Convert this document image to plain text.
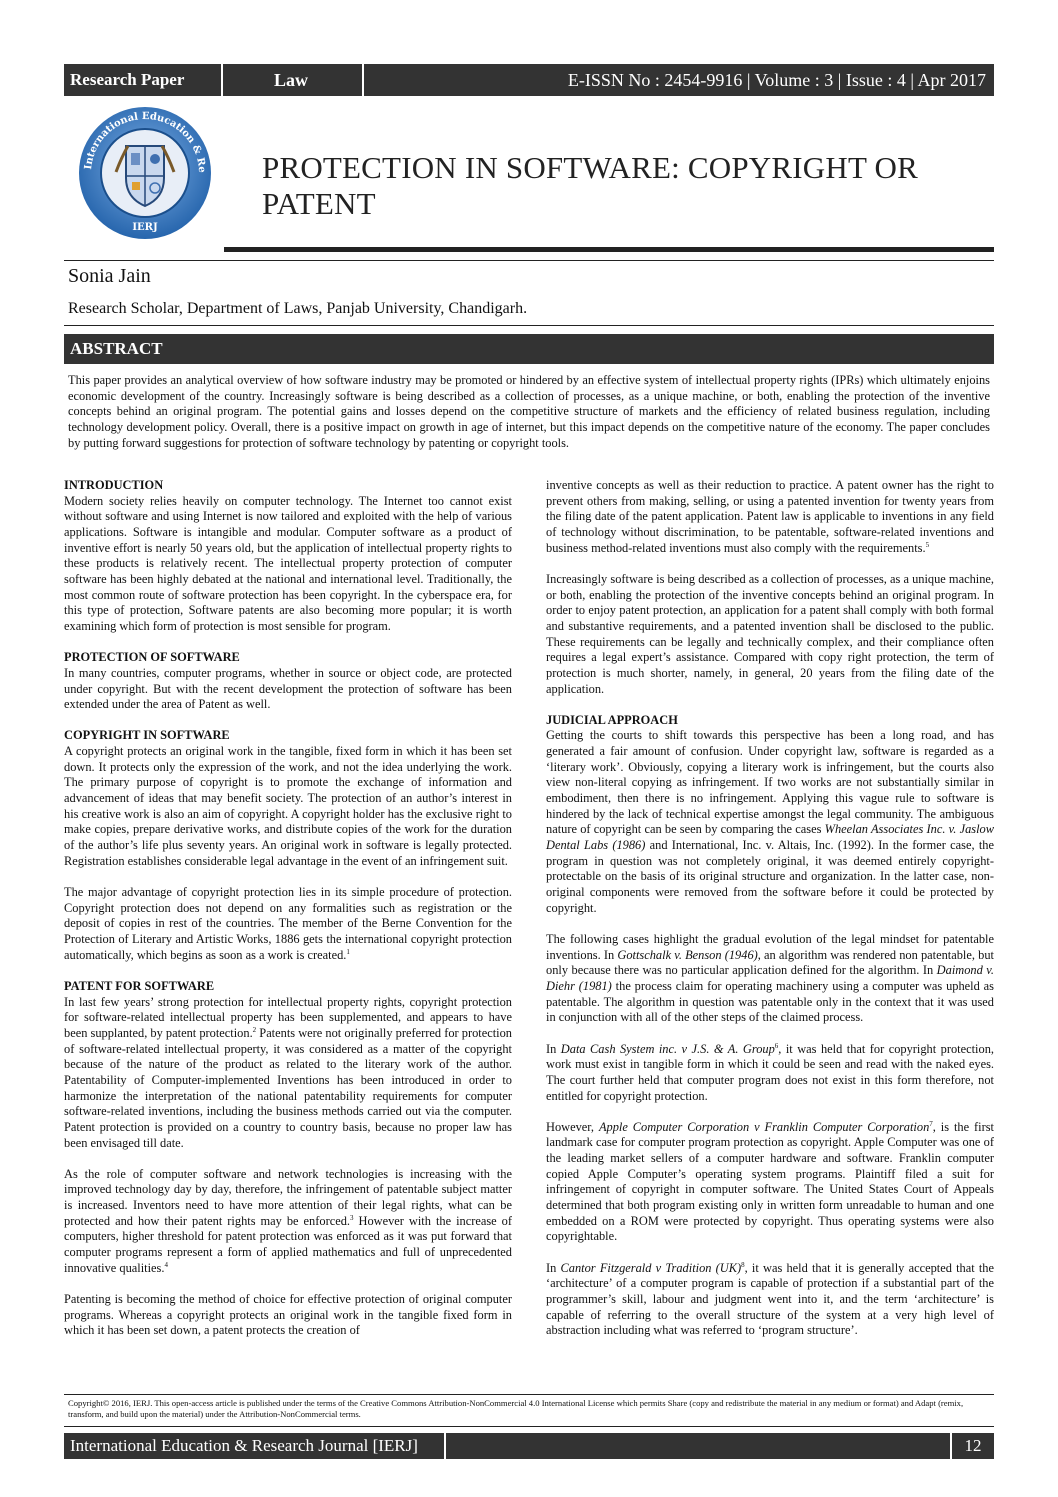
Research Paper	Law	E-ISSN No : 2454-9916 | Volume : 3 | Issue : 4 | Apr 2017
International Education & Re
IERJ
PROTECTION IN SOFTWARE: COPYRIGHT OR PATENT
Sonia Jain
Research Scholar, Department of Laws, Panjab University, Chandigarh.
ABSTRACT
This paper provides an analytical overview of how software industry may be promoted or hindered by an effective system of intellectual property rights (IPRs) which ultimately enjoins economic development of the country. Increasingly software is being described as a collection of processes, as a unique machine, or both, enabling the protection of the inventive concepts behind an original program. The potential gains and losses depend on the competitive structure of markets and the efficiency of related business regulation, including technology development policy. Overall, there is a positive impact on growth in age of internet, but this impact depends on the competitive nature of the economy. The paper concludes by putting forward suggestions for protection of software technology by patenting or copyright tools.
INTRODUCTION

Modern society relies heavily on computer technology. The Internet too cannot exist without software and using Internet is now tailored and exploited with the help of various applications. Software is intangible and modular. Computer software as a product of inventive effort is nearly 50 years old, but the application of intellectual property rights to these products is relatively recent. The intellectual property protection of computer software has been highly debated at the national and international level. Traditionally, the most common route of software protection has been copyright. In the cyberspace era, for this type of protection, Software patents are also becoming more popular; it is worth examining which form of protection is most sensible for program.

PROTECTION OF SOFTWARE

In many countries, computer programs, whether in source or object code, are protected under copyright. But with the recent development the protection of software has been extended under the area of Patent as well.

COPYRIGHT IN SOFTWARE

A copyright protects an original work in the tangible, fixed form in which it has been set down. It protects only the expression of the work, and not the idea underlying the work. The primary purpose of copyright is to promote the exchange of information and advancement of ideas that may benefit society. The protection of an author’s interest in his creative work is also an aim of copyright. A copyright holder has the exclusive right to make copies, prepare derivative works, and distribute copies of the work for the duration of the author’s life plus seventy years. An original work in software is legally protected. Registration establishes considerable legal advantage in the event of an infringement suit.

The major advantage of copyright protection lies in its simple procedure of protection. Copyright protection does not depend on any formalities such as registration or the deposit of copies in rest of the countries. The member of the Berne Convention for the Protection of Literary and Artistic Works, 1886 gets the international copyright protection automatically, which begins as soon as a work is created.$^1$

PATENT FOR SOFTWARE

In last few years’ strong protection for intellectual property rights, copyright protection for software-related intellectual property has been supplemented, and appears to have been supplanted, by patent protection.$^2$ Patents were not originally preferred for protection of software-related intellectual property, it was considered as a matter of the copyright because of the nature of the product as related to the literary work of the author. Patentability of Computer-implemented Inventions has been introduced in order to harmonize the interpretation of the national patentability requirements for computer software-related inventions, including the business methods carried out via the computer. Patent protection is provided on a country to country basis, because no proper law has been envisaged till date.

As the role of computer software and network technologies is increasing with the improved technology day by day, therefore, the infringement of patentable subject matter is increased. Inventors need to have more attention of their legal rights, what can be protected and how their patent rights may be enforced.$^3$ However with the increase of computers, higher threshold for patent protection was enforced as it was put forward that computer programs represent a form of applied mathematics and full of unprecedented innovative qualities.$^4$

Patenting is becoming the method of choice for effective protection of original computer programs. Whereas a copyright protects an original work in the tangible fixed form in which it has been set down, a patent protects the creation of

inventive concepts as well as their reduction to practice. A patent owner has the right to prevent others from making, selling, or using a patented invention for twenty years from the filing date of the patent application. Patent law is applicable to inventions in any field of technology without discrimination, to be patentable, software-related inventions and business method-related inventions must also comply with the requirements.$^5$

Increasingly software is being described as a collection of processes, as a unique machine, or both, enabling the protection of the inventive concepts behind an original program. In order to enjoy patent protection, an application for a patent shall comply with both formal and substantive requirements, and a patented invention shall be disclosed to the public. These requirements can be legally and technically complex, and their compliance often requires a legal expert’s assistance. Compared with copy right protection, the term of protection is much shorter, namely, in general, 20 years from the filing date of the application.

JUDICIAL APPROACH

Getting the courts to shift towards this perspective has been a long road, and has generated a fair amount of confusion. Under copyright law, software is regarded as a ‘literary work’. Obviously, copying a literary work is infringement, but the courts also view non-literal copying as infringement. If two works are not substantially similar in embodiment, then there is no infringement. Applying this vague rule to software is hindered by the lack of technical expertise amongst the legal community. The ambiguous nature of copyright can be seen by comparing the cases Wheelan Associates Inc. v. Jaslow Dental Labs (1986) and International, Inc. v. Altais, Inc. (1992). In the former case, the program in question was not completely original, it was deemed entirely copyright-protectable on the basis of its original structure and organization. In the latter case, non-original components were removed from the software before it could be protected by copyright.

The following cases highlight the gradual evolution of the legal mindset for patentable inventions. In Gottschalk v. Benson (1946), an algorithm was rendered non patentable, but only because there was no particular application defined for the algorithm. In Daimond v. Diehr (1981) the process claim for operating machinery using a computer was upheld as patentable. The algorithm in question was patentable only in the context that it was used in conjunction with all of the other steps of the claimed process.

In Data Cash System inc. v J.S. & A. Group$^6$, it was held that for copyright protection, work must exist in tangible form in which it could be seen and read with the naked eyes. The court further held that computer program does not exist in this form therefore, not entitled for copyright protection.

However, Apple Computer Corporation v Franklin Computer Corporation$^7$, is the first landmark case for computer program protection as copyright. Apple Computer was one of the leading market sellers of a computer hardware and software. Franklin computer copied Apple Computer’s operating system programs. Plaintiff filed a suit for infringement of copyright in computer software. The United States Court of Appeals determined that both program existing only in written form unreadable to human and one embedded on a ROM were protected by copyright. Thus operating systems were also copyrightable.

In Cantor Fitzgerald v Tradition (UK)$^8$, it was held that it is generally accepted that the ‘architecture’ of a computer program is capable of protection if a substantial part of the programmer’s skill, labour and judgment went into it, and the term ‘architecture’ is capable of referring to the overall structure of the system at a very high level of abstraction including what was referred to ‘program structure’.

Copyright© 2016, IERJ. This open-access article is published under the terms of the Creative Commons Attribution-NonCommercial 4.0 International License which permits Share (copy and redistribute the material in any medium or format) and Adapt (remix, transform, and build upon the material) under the Attribution-NonCommercial terms.
International Education & Research Journal [IERJ]	12
